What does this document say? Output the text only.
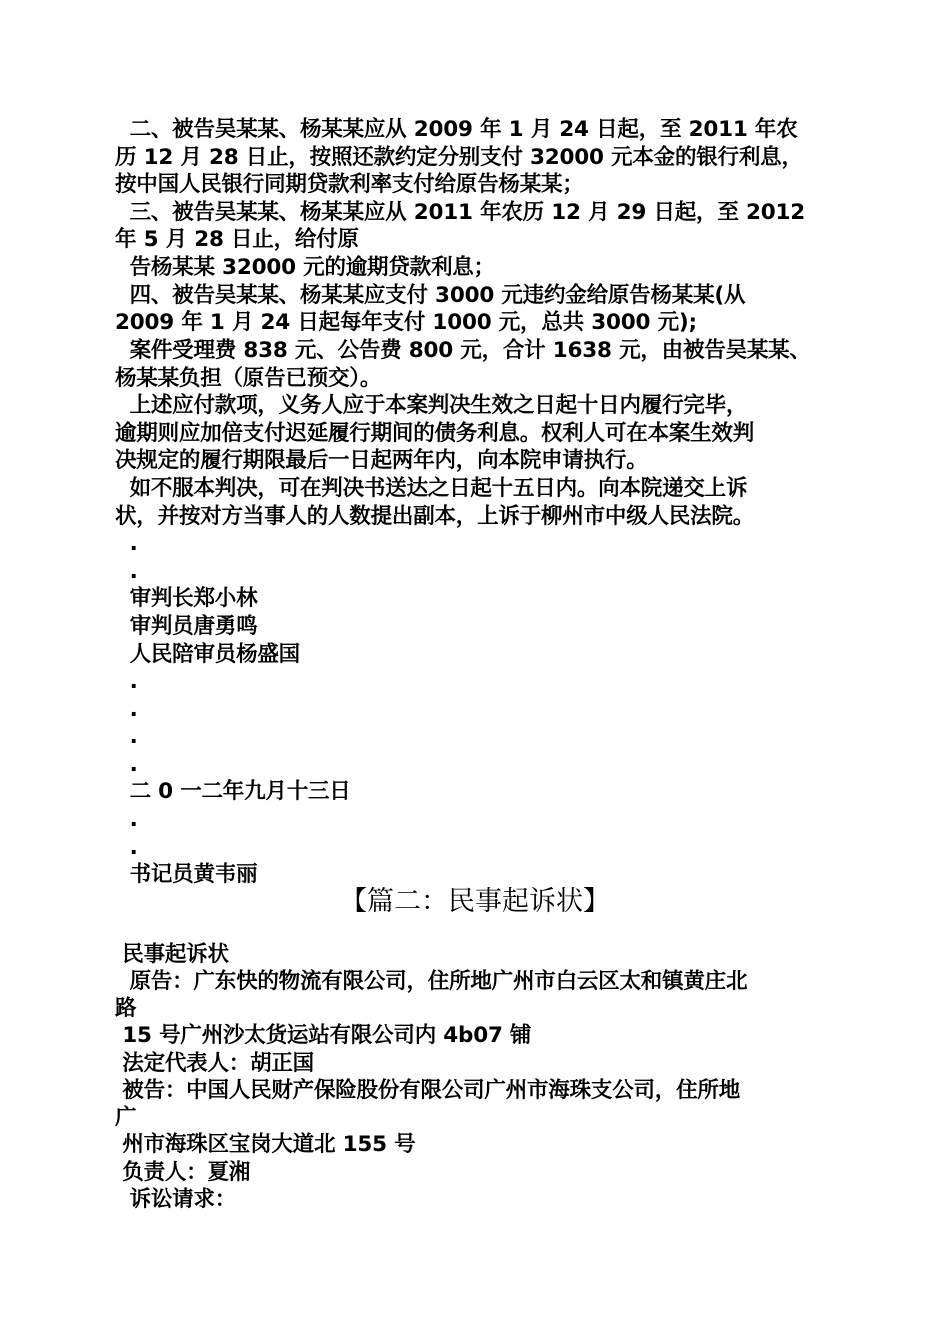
二、被告吴某某、杨某某应从 2009 年 1 月 24 日起，至 2011 年农
历 12 月 28 日止，按照还款约定分别支付 32000 元本金的银行利息，
按中国人民银行同期贷款利率支付给原告杨某某；
三、被告吴某某、杨某某应从 2011 年农历 12 月 29 日起，至 2012
年 5 月 28 日止，给付原
告杨某某 32000 元的逾期贷款利息；
四、被告吴某某、杨某某应支付 3000 元违约金给原告杨某某(从
2009 年 1 月 24 日起每年支付 1000 元，总共 3000 元);
案件受理费 838 元、公告费 800 元，合计 1638 元，由被告吴某某、
杨某某负担（原告已预交）。
上述应付款项，义务人应于本案判决生效之日起十日内履行完毕，
逾期则应加倍支付迟延履行期间的债务利息。权利人可在本案生效判
决规定的履行期限最后一日起两年内，向本院申请执行。
如不服本判决，可在判决书送达之日起十五日内。向本院递交上诉
状，并按对方当事人的人数提出副本，上诉于柳州市中级人民法院。
.
.
审判长郑小林
审判员唐勇鸣
人民陪审员杨盛国
.
.
.
.
二 0 一二年九月十三日
.
.
书记员黄韦丽
【篇二：民事起诉状】
民事起诉状
原告：广东快的物流有限公司，住所地广州市白云区太和镇黄庄北
路
15 号广州沙太货运站有限公司内 4b07 铺
法定代表人：胡正国
被告：中国人民财产保险股份有限公司广州市海珠支公司，住所地
广
州市海珠区宝岗大道北 155 号
负责人：夏湘
诉讼请求：
